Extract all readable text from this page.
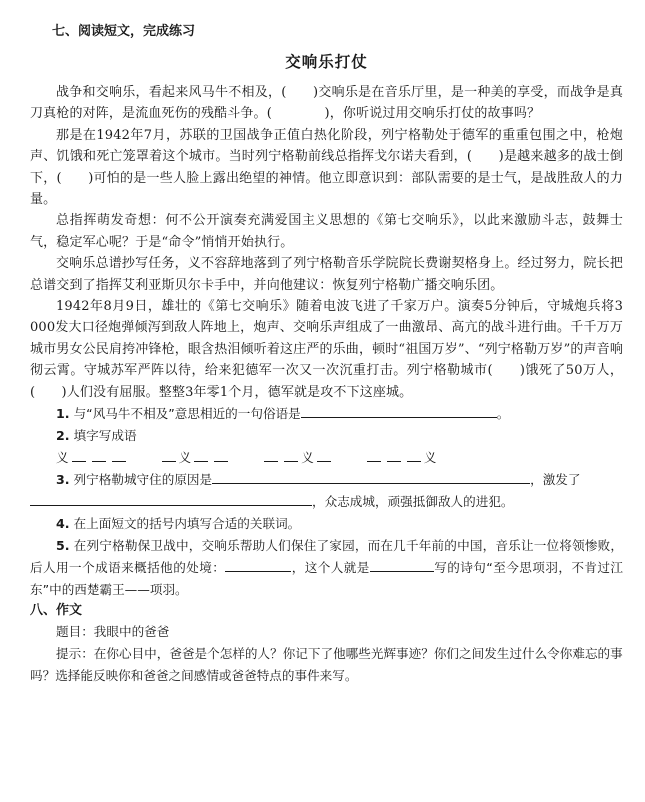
七、阅读短文，完成练习

交响乐打仗

战争和交响乐，看起来风马牛不相及，(　　)交响乐是在音乐厅里，是一种美的享受，而战争是真刀真枪的对阵，是流血死伤的残酷斗争。(　　　　)，你听说过用交响乐打仗的故事吗？

那是在1942年7月，苏联的卫国战争正值白热化阶段，列宁格勒处于德军的重重包围之中，枪炮声、饥饿和死亡笼罩着这个城市。当时列宁格勒前线总指挥戈尔诺夫看到，(　　)是越来越多的战士倒下，(　　)可怕的是一些人脸上露出绝望的神情。他立即意识到：部队需要的是士气，是战胜敌人的力量。

总指挥萌发奇想：何不公开演奏充满爱国主义思想的《第七交响乐》，以此来激励斗志，鼓舞士气，稳定军心呢？于是“命令”悄悄开始执行。

交响乐总谱抄写任务，义不容辞地落到了列宁格勒音乐学院院长费谢契格身上。经过努力，院长把总谱交到了指挥艾利亚斯贝尔卡手中，并向他建议：恢复列宁格勒广播交响乐团。

1942年8月9日，雄壮的《第七交响乐》随着电波飞进了千家万户。演奏5分钟后，守城炮兵将3 000发大口径炮弹倾泻到敌人阵地上，炮声、交响乐声组成了一曲激昂、高亢的战斗进行曲。千千万万城市男女公民肩挎冲锋枪，眼含热泪倾听着这庄严的乐曲，顿时“祖国万岁”、“列宁格勒万岁”的声音响彻云霄。守城苏军严阵以待，给来犯德军一次又一次沉重打击。列宁格勒城市(　　)饿死了50万人，(　　)人们没有屈服。整整3年零1个月，德军就是攻不下这座城。

1. 与“风马牛不相及”意思相近的一句俗语是	。

2. 填字写成语

义	义	义	义

3. 列宁格勒城守住的原因是	，激发了

，众志成城，顽强抵御敌人的进犯。

4. 在上面短文的括号内填写合适的关联词。

5. 在列宁格勒保卫战中，交响乐帮助人们保住了家园，而在几千年前的中国，音乐让一位将领惨败，后人用一个成语来概括他的处境：	，这个人就是	写的诗句“至今思项羽，不肯过江东”中的西楚霸王——项羽。

八、作文

题目：我眼中的爸爸

提示：在你心目中，爸爸是个怎样的人？你记下了他哪些光辉事迹？你们之间发生过什么令你难忘的事吗？选择能反映你和爸爸之间感情或爸爸特点的事件来写。
